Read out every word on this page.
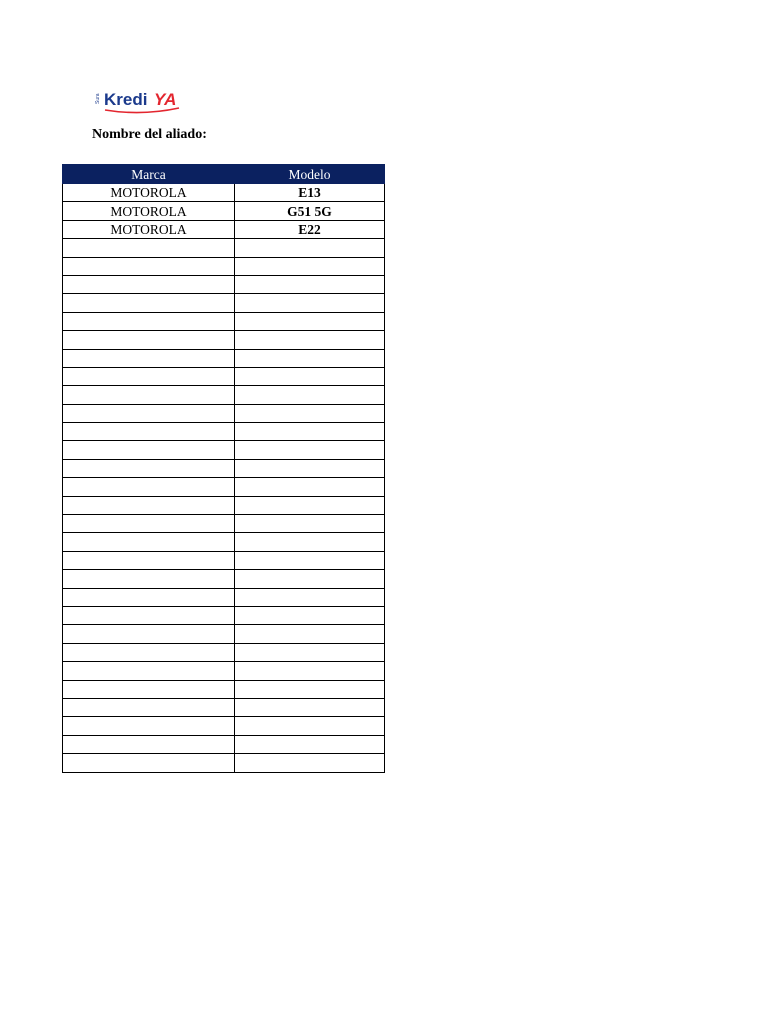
Sura Kredi YA
Nombre del aliado:
Marca	Modelo
MOTOROLA	E13
MOTOROLA	G51 5G
MOTOROLA	E22
